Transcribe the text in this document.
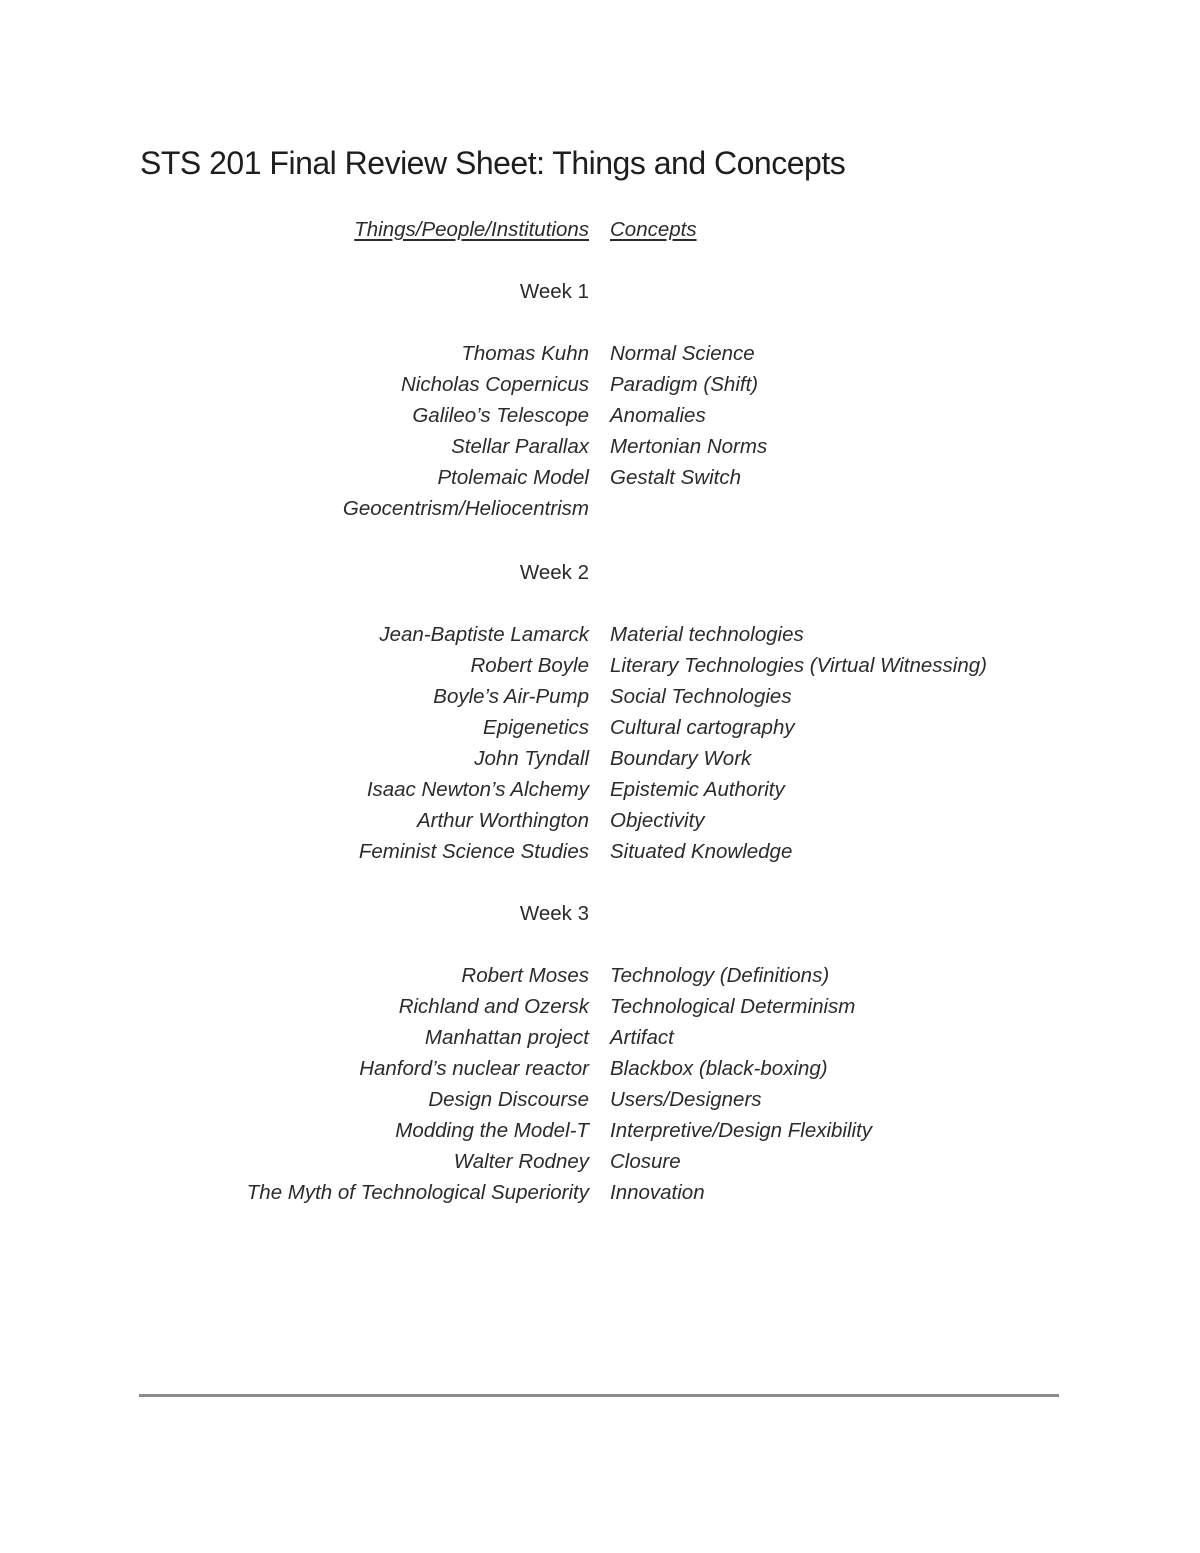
STS 201 Final Review Sheet: Things and Concepts
Things/People/Institutions Concepts
Week 1
Thomas Kuhn Normal Science
Nicholas Copernicus Paradigm (Shift)
Galileo’s Telescope Anomalies
Stellar Parallax Mertonian Norms
Ptolemaic Model Gestalt Switch
Geocentrism/Heliocentrism
Week 2
Jean-Baptiste Lamarck Material technologies
Robert Boyle Literary Technologies (Virtual Witnessing)
Boyle’s Air-Pump Social Technologies
Epigenetics Cultural cartography
John Tyndall Boundary Work
Isaac Newton’s Alchemy Epistemic Authority
Arthur Worthington Objectivity
Feminist Science Studies Situated Knowledge
Week 3
Robert Moses Technology (Definitions)
Richland and Ozersk Technological Determinism
Manhattan project Artifact
Hanford’s nuclear reactor Blackbox (black-boxing)
Design Discourse Users/Designers
Modding the Model-T Interpretive/Design Flexibility
Walter Rodney Closure
The Myth of Technological Superiority Innovation
